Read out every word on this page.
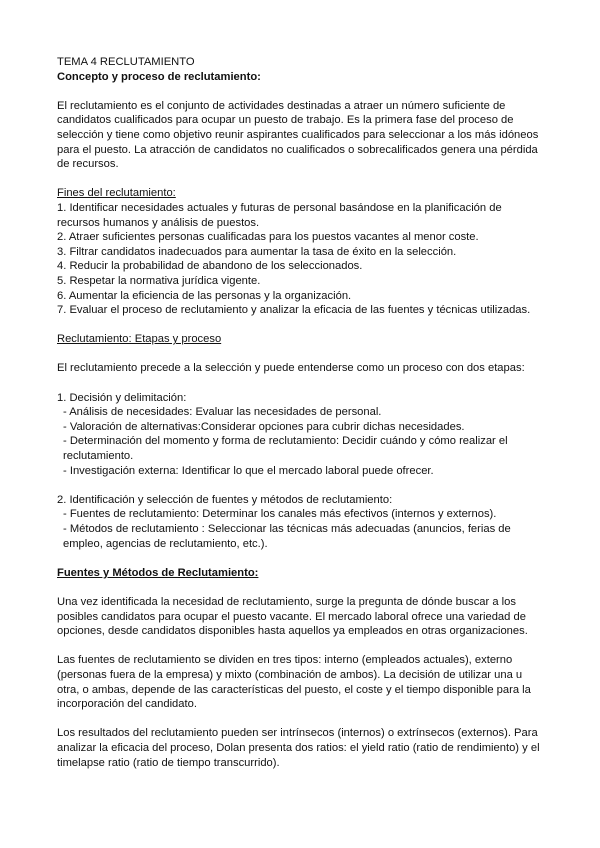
TEMA 4 RECLUTAMIENTO

Concepto y proceso de reclutamiento:

El reclutamiento es el conjunto de actividades destinadas a atraer un número suficiente de candidatos cualificados para ocupar un puesto de trabajo. Es la primera fase del proceso de selección y tiene como objetivo reunir aspirantes cualificados para seleccionar a los más idóneos para el puesto. La atracción de candidatos no cualificados o sobrecalificados genera una pérdida de recursos.

Fines del reclutamiento:

1. Identificar necesidades actuales y futuras de personal basándose en la planificación de recursos humanos y análisis de puestos.

2. Atraer suficientes personas cualificadas para los puestos vacantes al menor coste.

3. Filtrar candidatos inadecuados para aumentar la tasa de éxito en la selección.

4. Reducir la probabilidad de abandono de los seleccionados.

5. Respetar la normativa jurídica vigente.

6. Aumentar la eficiencia de las personas y la organización.

7. Evaluar el proceso de reclutamiento y analizar la eficacia de las fuentes y técnicas utilizadas.

Reclutamiento: Etapas y proceso

El reclutamiento precede a la selección y puede entenderse como un proceso con dos etapas:

1. Decisión y delimitación:

- Análisis de necesidades: Evaluar las necesidades de personal.

- Valoración de alternativas:Considerar opciones para cubrir dichas necesidades.

- Determinación del momento y forma de reclutamiento: Decidir cuándo y cómo realizar el reclutamiento.

- Investigación externa: Identificar lo que el mercado laboral puede ofrecer.

2. Identificación y selección de fuentes y métodos de reclutamiento:

- Fuentes de reclutamiento: Determinar los canales más efectivos (internos y externos).

- Métodos de reclutamiento : Seleccionar las técnicas más adecuadas (anuncios, ferias de empleo, agencias de reclutamiento, etc.).

Fuentes y Métodos de Reclutamiento:

Una vez identificada la necesidad de reclutamiento, surge la pregunta de dónde buscar a los posibles candidatos para ocupar el puesto vacante. El mercado laboral ofrece una variedad de opciones, desde candidatos disponibles hasta aquellos ya empleados en otras organizaciones.

Las fuentes de reclutamiento se dividen en tres tipos: interno (empleados actuales), externo (personas fuera de la empresa) y mixto (combinación de ambos). La decisión de utilizar una u otra, o ambas, depende de las características del puesto, el coste y el tiempo disponible para la incorporación del candidato.

Los resultados del reclutamiento pueden ser intrínsecos (internos) o extrínsecos (externos). Para analizar la eficacia del proceso, Dolan presenta dos ratios: el yield ratio (ratio de rendimiento) y el timelapse ratio (ratio de tiempo transcurrido).
